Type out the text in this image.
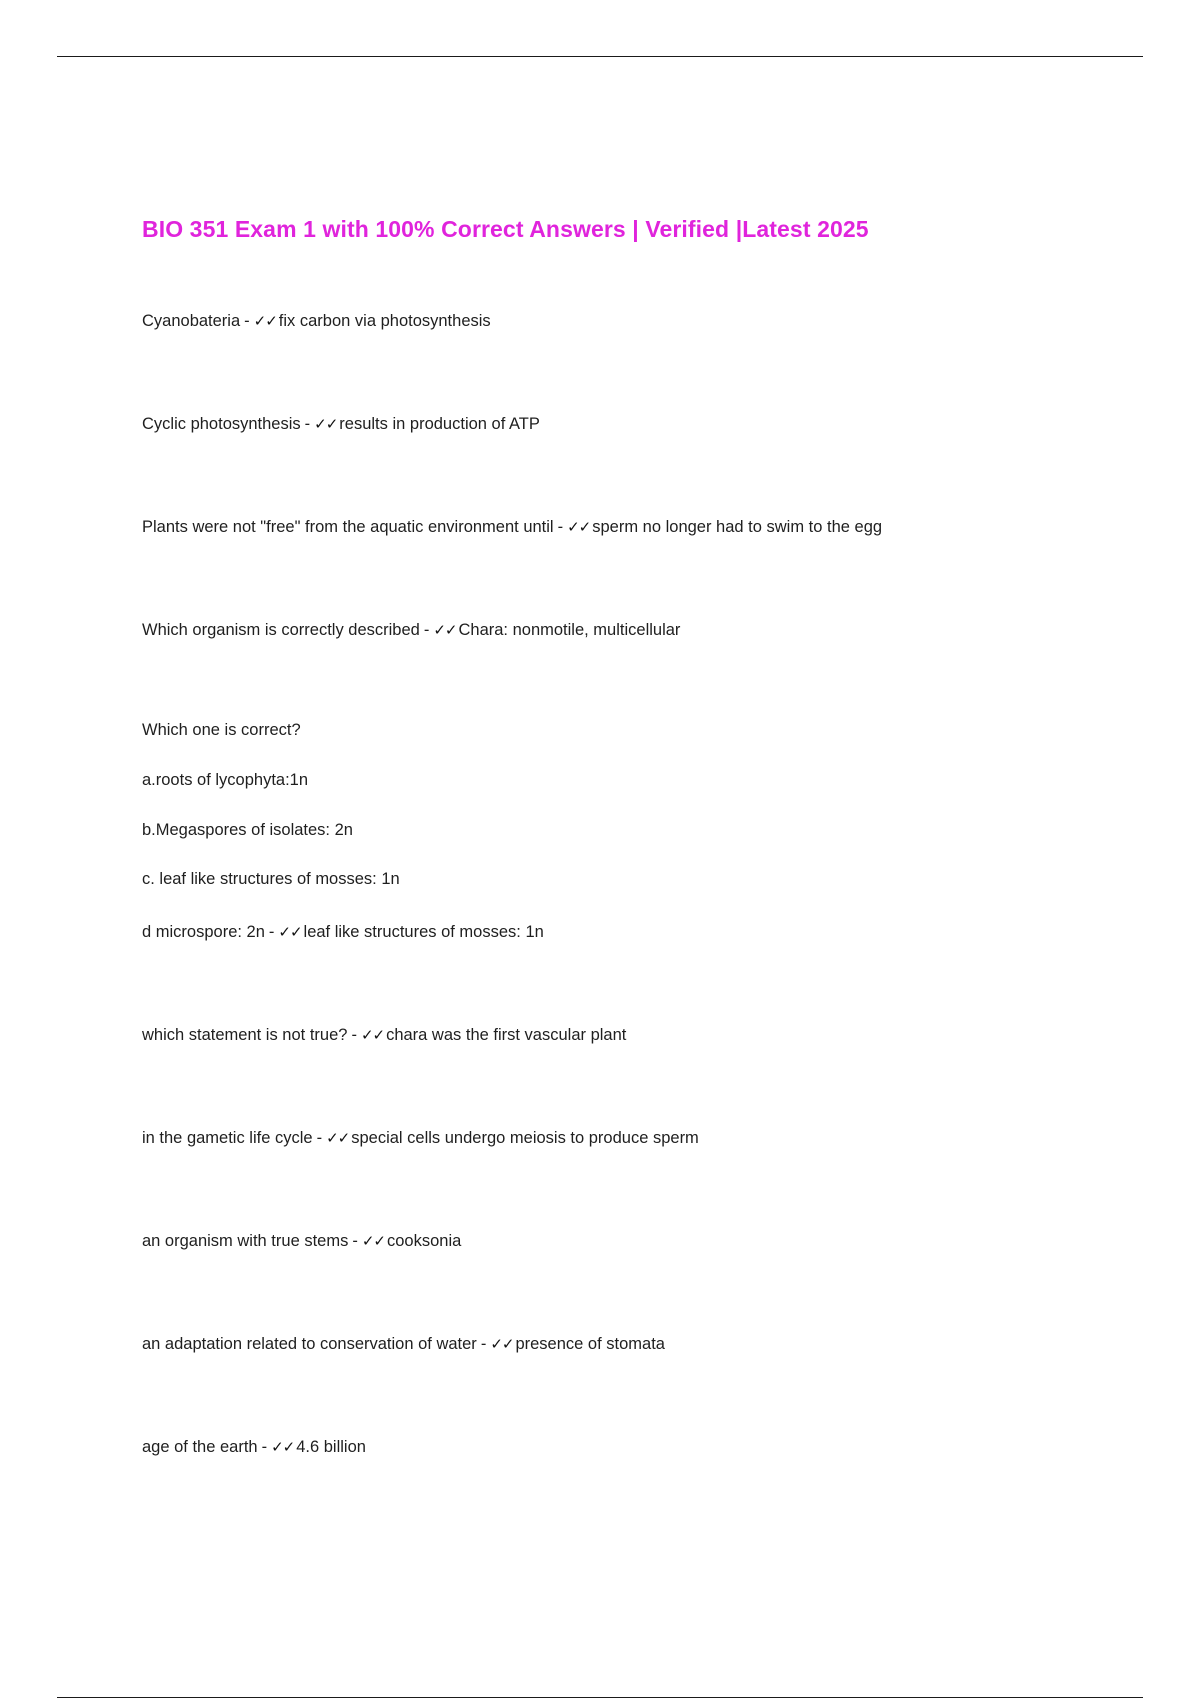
BIO 351 Exam 1 with 100% Correct Answers | Verified |Latest 2025

Cyanobateria - ✓✓ fix carbon via photosynthesis

Cyclic photosynthesis - ✓✓ results in production of ATP

Plants were not "free" from the aquatic environment until - ✓✓ sperm no longer had to swim to the egg

Which organism is correctly described - ✓✓ Chara: nonmotile, multicellular

Which one is correct?

a.roots of lycophyta:1n

b.Megaspores of isolates: 2n

c. leaf like structures of mosses: 1n

d microspore: 2n - ✓✓ leaf like structures of mosses: 1n

which statement is not true? - ✓✓ chara was the first vascular plant

in the gametic life cycle - ✓✓ special cells undergo meiosis to produce sperm

an organism with true stems - ✓✓ cooksonia

an adaptation related to conservation of water - ✓✓ presence of stomata

age of the earth - ✓✓ 4.6 billion
